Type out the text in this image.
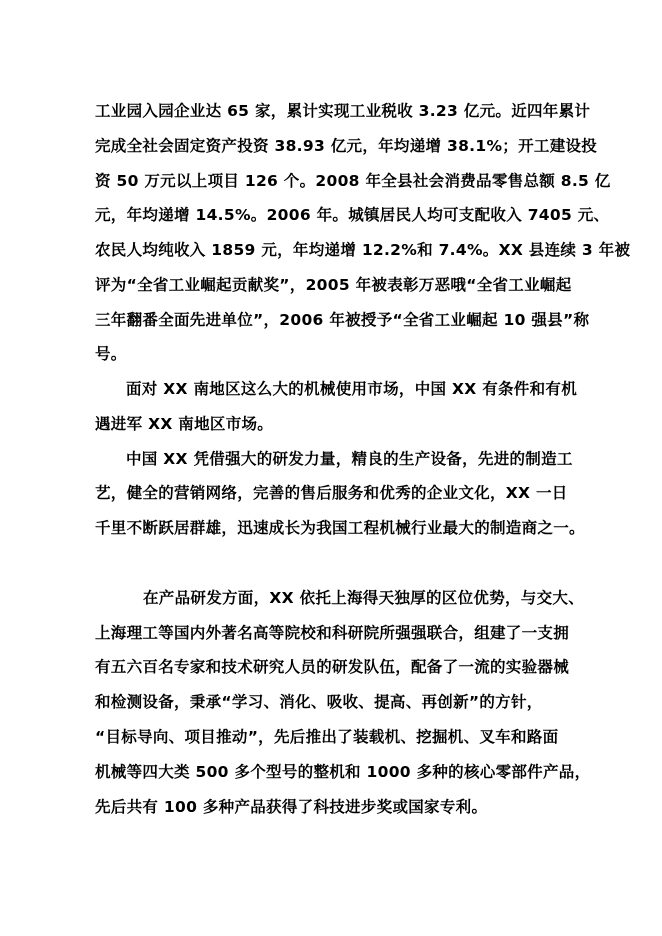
工业园入园企业达 65 家，累计实现工业税收 3.23 亿元。近四年累计
完成全社会固定资产投资 38.93 亿元，年均递增 38.1%；开工建设投
资 50 万元以上项目 126 个。2008 年全县社会消费品零售总额 8.5 亿
元，年均递增 14.5%。2006 年。城镇居民人均可支配收入 7405 元、
农民人均纯收入 1859 元，年均递增 12.2%和 7.4%。XX 县连续 3 年被
评为“全省工业崛起贡献奖”，2005 年被表彰万恶哦“全省工业崛起
三年翻番全面先进单位”，2006 年被授予“全省工业崛起 10 强县”称
号。
面对 XX 南地区这么大的机械使用市场，中国 XX 有条件和有机
遇进军 XX 南地区市场。
中国 XX 凭借强大的研发力量，精良的生产设备，先进的制造工
艺，健全的营销网络，完善的售后服务和优秀的企业文化，XX 一日
千里不断跃居群雄，迅速成长为我国工程机械行业最大的制造商之一。
在产品研发方面，XX 依托上海得天独厚的区位优势，与交大、
上海理工等国内外著名高等院校和科研院所强强联合，组建了一支拥
有五六百名专家和技术研究人员的研发队伍，配备了一流的实验器械
和检测设备，秉承“学习、消化、吸收、提高、再创新”的方针，
“目标导向、项目推动”，先后推出了装载机、挖掘机、叉车和路面
机械等四大类 500 多个型号的整机和 1000 多种的核心零部件产品，
先后共有 100 多种产品获得了科技进步奖或国家专利。
